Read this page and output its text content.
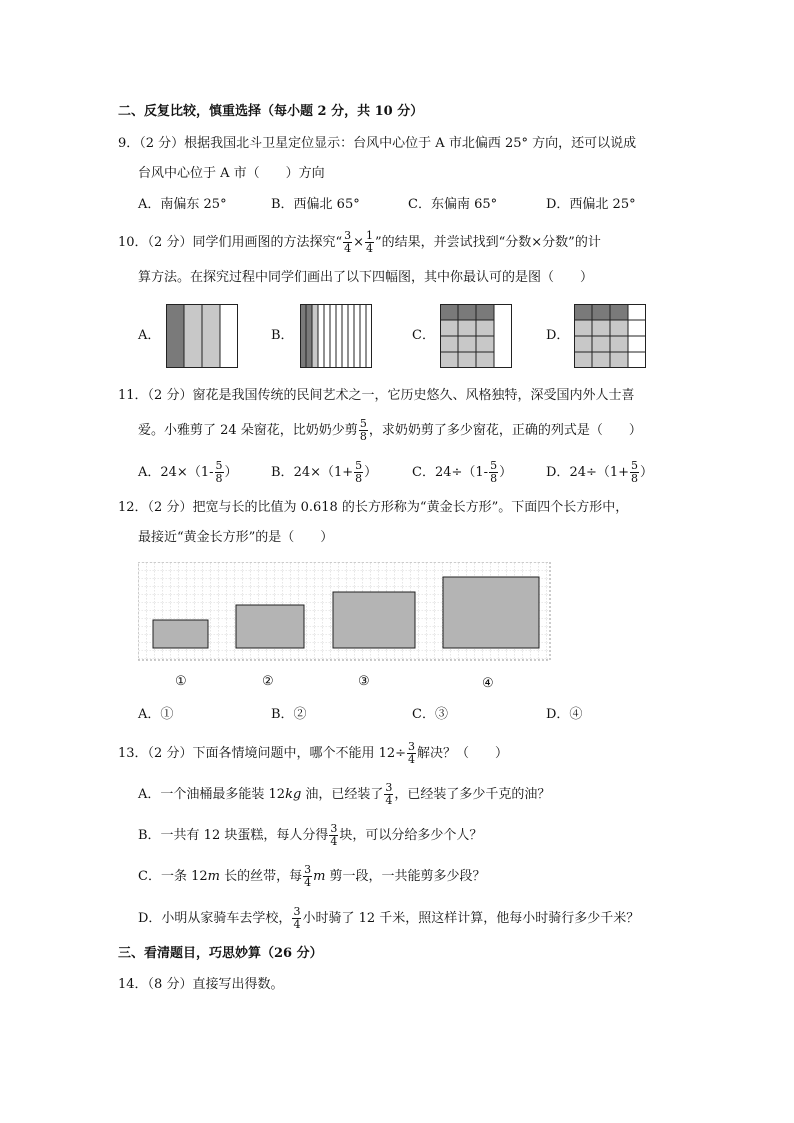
二、反复比较，慎重选择（每小题 2 分，共 10 分）
9．（2 分）根据我国北斗卫星定位显示：台风中心位于 A 市北偏西 25° 方向，还可以说成
台风中心位于 A 市（　　）方向
A．南偏东 25°	B．西偏北 65°	C．东偏南 65°	D．西偏北 25°
10．（2 分）同学们用画图的方法探究“ $\frac{3}{4} \times \frac{1}{4}$ ”的结果，并尝试找到“分数×分数”的计
算方法。在探究过程中同学们画出了以下四幅图，其中你最认可的是图（　　）
A．	B．	C．	D．
11．（2 分）窗花是我国传统的民间艺术之一，它历史悠久、风格独特，深受国内外人士喜
爱。小雅剪了 24 朵窗花，比奶奶少剪 $\frac{5}{8}$ ，求奶奶剪了多少窗花，正确的列式是（　　）
A．$24\times(1- \frac{5}{8}$ ）	B．$24\times(1+ \frac{5}{8}$ ）	C．$24\div(1- \frac{5}{8}$ ）	D．$24\div(1+ \frac{5}{8}$ ）
12．（2 分）把宽与长的比值为 0.618 的长方形称为“黄金长方形”。下面四个长方形中，
最接近“黄金长方形”的是（　　）
①	②	③	④
A．①	B．②	C．③	D．④
13．（2 分）下面各情境问题中，哪个不能用 $12\div \frac{3}{4}$ 解决？（　　）
A．一个油桶最多能装 12kg 油，已经装了 $\frac{3}{4}$ ，已经装了多少千克的油？
B．一共有 12 块蛋糕，每人分得 $\frac{3}{4}$ 块，可以分给多少个人？
C．一条 12m 长的丝带，每 $\frac{3}{4}$ m 剪一段，一共能剪多少段？
D．小明从家骑车去学校， $\frac{3}{4}$ 小时骑了 12 千米，照这样计算，他每小时骑行多少千米？
三、看清题目，巧思妙算（26 分）
14．（8 分）直接写出得数。
